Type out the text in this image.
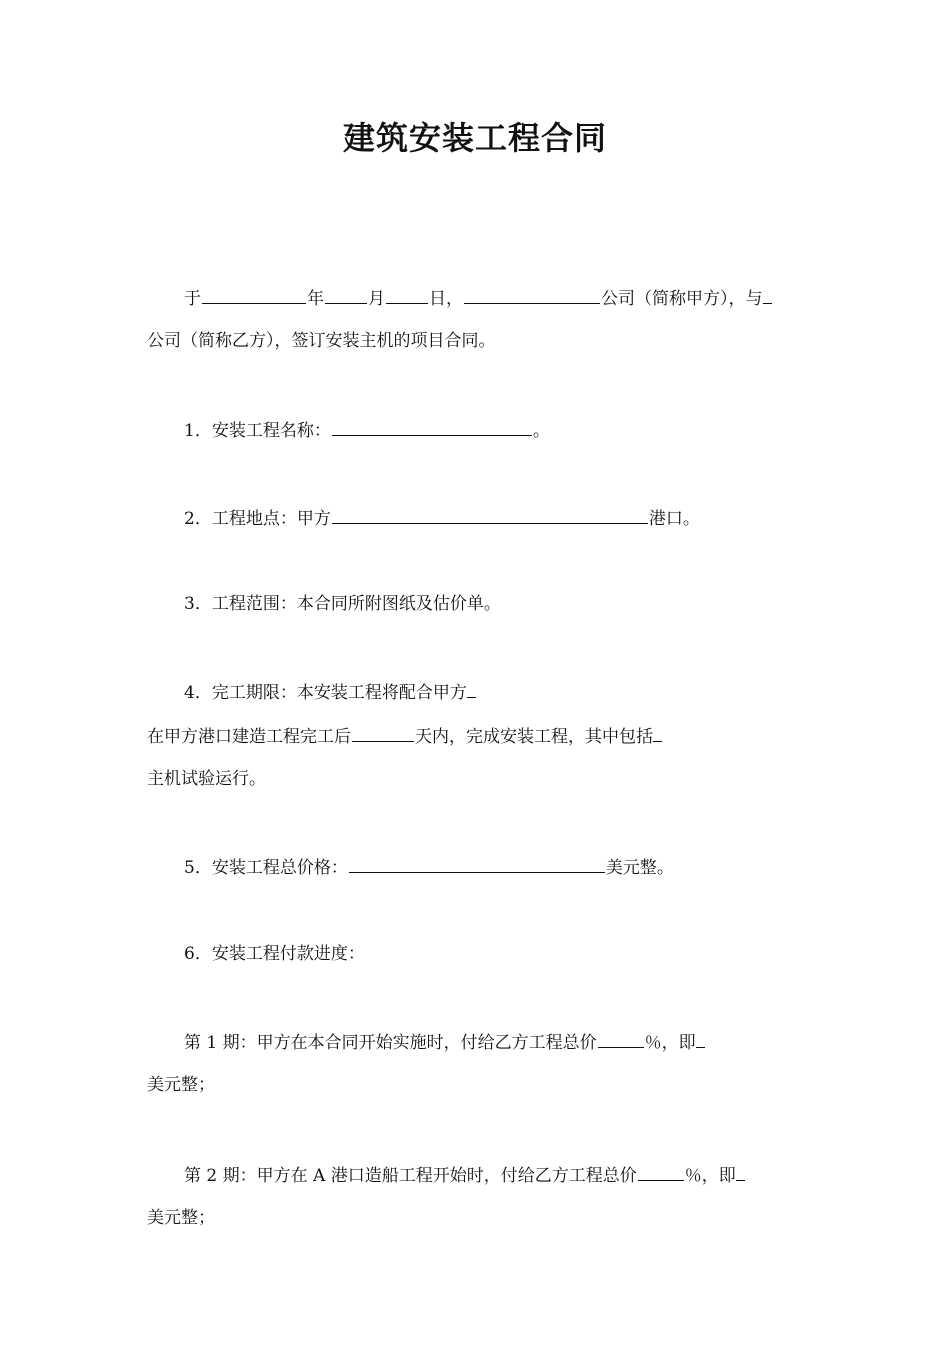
建筑安装工程合同
于	年	月	日，	公司（简称甲方），与
公司（简称乙方），签订安装主机的项目合同。
1．安装工程名称：	。
2．工程地点：甲方	港口。
3．工程范围：本合同所附图纸及估价单。
4．完工期限：本安装工程将配合甲方
在甲方港口建造工程完工后	天内，完成安装工程，其中包括
主机试验运行。
5．安装工程总价格：	美元整。
6．安装工程付款进度：
第 1 期：甲方在本合同开始实施时，付给乙方工程总价	％，即
美元整；
第 2 期：甲方在 A 港口造船工程开始时，付给乙方工程总价	％，即
美元整；
